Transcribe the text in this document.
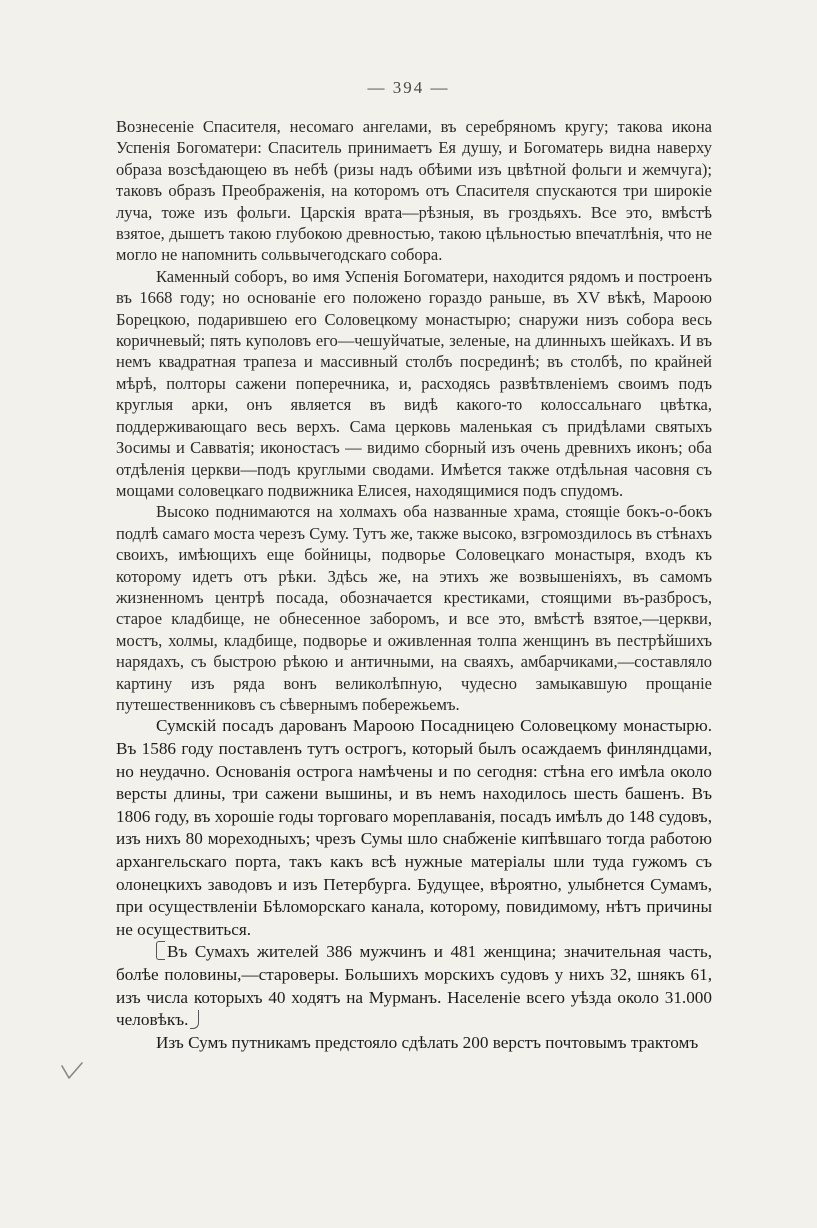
— 394 —

Вознесеніе Спасителя, несомаго ангелами, въ серебряномъ кругу; такова икона Успенія Богоматери: Спаситель принимаетъ Ея душу, и Богоматерь видна наверху образа возсѣдающею въ небѣ (ризы надъ обѣими изъ цвѣтной фольги и жемчуга); таковъ образъ Преображенія, на которомъ отъ Спасителя спускаются три широкіе луча, тоже изъ фольги. Царскія врата—рѣзныя, въ гроздьяхъ. Все это, вмѣстѣ взятое, дышетъ такою глубокою древностью, такою цѣльностью впечатлѣнія, что не могло не напомнить сольвычегодскаго собора.

Каменный соборъ, во имя Успенія Богоматери, находится рядомъ и построенъ въ 1668 году; но основаніе его положено гораздо раньше, въ XV вѣкѣ, Мароою Борецкою, подарившею его Соловецкому монастырю; снаружи низъ собора весь коричневый; пять куполовъ его—чешуйчатые, зеленые, на длинныхъ шейкахъ. И въ немъ квадратная трапеза и массивный столбъ посрединѣ; въ столбѣ, по крайней мѣрѣ, полторы сажени поперечника, и, расходясь развѣтвленіемъ своимъ подъ круглыя арки, онъ является въ видѣ какого-то колоссальнаго цвѣтка, поддерживающаго весь верхъ. Сама церковь маленькая съ придѣлами святыхъ Зосимы и Савватія; иконостасъ — видимо сборный изъ очень древнихъ иконъ; оба отдѣленія церкви—подъ круглыми сводами. Имѣется также отдѣльная часовня съ мощами соловецкаго подвижника Елисея, находящимися подъ спудомъ.

Высоко поднимаются на холмахъ оба названные храма, стоящіе бокъ-о-бокъ подлѣ самаго моста черезъ Суму. Тутъ же, также высоко, взгромоздилось въ стѣнахъ своихъ, имѣющихъ еще бойницы, подворье Соловецкаго монастыря, входъ къ которому идетъ отъ рѣки. Здѣсь же, на этихъ же возвышеніяхъ, въ самомъ жизненномъ центрѣ посада, обозначается крестиками, стоящими въ-разбросъ, старое кладбище, не обнесенное заборомъ, и все это, вмѣстѣ взятое,—церкви, мостъ, холмы, кладбище, подворье и оживленная толпа женщинъ въ пестрѣйшихъ нарядахъ, съ быстрою рѣкою и античными, на сваяхъ, амбарчиками,—составляло картину изъ ряда вонъ великолѣпную, чудесно замыкавшую прощаніе путешественниковъ съ сѣвернымъ побережьемъ.

Сумскій посадъ дарованъ Мароою Посадницею Соловецкому монастырю. Въ 1586 году поставленъ тутъ острогъ, который былъ осаждаемъ финляндцами, но неудачно. Основанія острога намѣчены и по сегодня: стѣна его имѣла около версты длины, три сажени вышины, и въ немъ находилось шесть башенъ. Въ 1806 году, въ хорошіе годы торговаго мореплаванія, посадъ имѣлъ до 148 судовъ, изъ нихъ 80 мореходныхъ; чрезъ Сумы шло снабженіе кипѣвшаго тогда работою архангельскаго порта, такъ какъ всѣ нужные матеріалы шли туда гужомъ съ олонецкихъ заводовъ и изъ Петербурга. Будущее, вѣроятно, улыбнется Сумамъ, при осуществленіи Бѣломорскаго канала, которому, повидимому, нѣтъ причины не осуществиться.

Въ Сумахъ жителей 386 мужчинъ и 481 женщина; значительная часть, болѣе половины,—староверы. Большихъ морскихъ судовъ у нихъ 32, шнякъ 61, изъ числа которыхъ 40 ходятъ на Мурманъ. Населеніе всего уѣзда около 31.000 человѣкъ.

Изъ Сумъ путникамъ предстояло сдѣлать 200 верстъ почтовымъ трактомъ
